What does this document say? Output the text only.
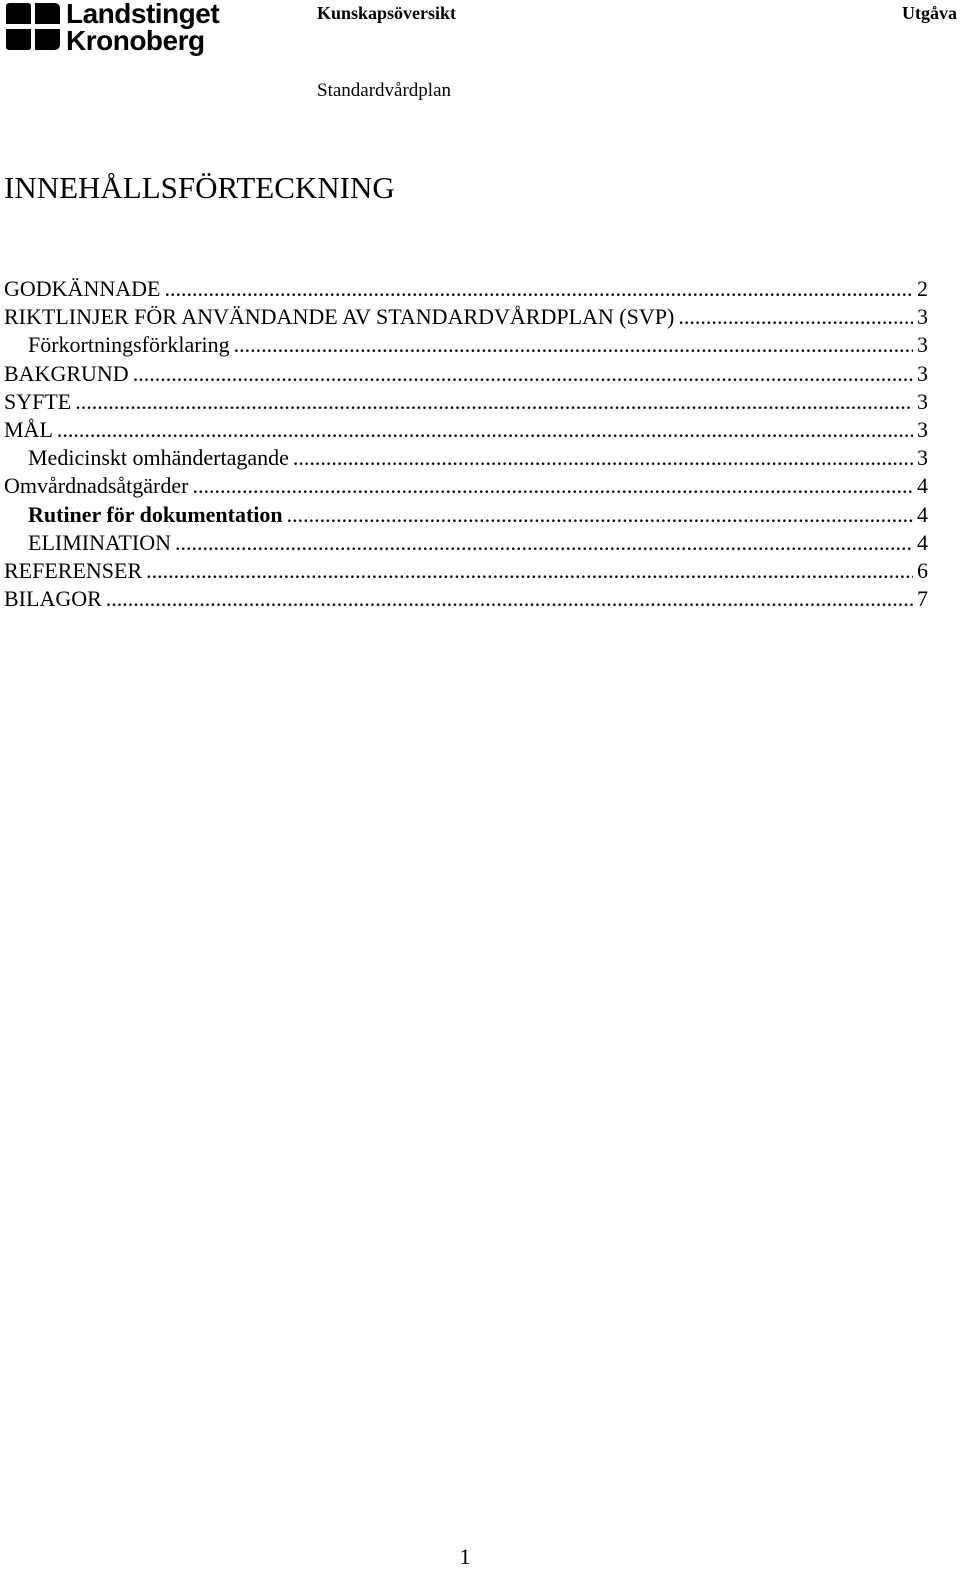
Landstinget
Kronoberg
Kunskapsöversikt	Utgåva
Standardvårdplan
INNEHÅLLSFÖRTECKNING
GODKÄNNADE .....	2
RIKTLINJER FÖR ANVÄNDANDE AV STANDARDVÅRDPLAN (SVP) .....	3
Förkortningsförklaring .....	3
BAKGRUND .....	3
SYFTE .....	3
MÅL .....	3
Medicinskt omhändertagande .....	3
Omvårdnadsåtgärder .....	4
Rutiner för dokumentation .....	4
ELIMINATION .....	4
REFERENSER .....	6
BILAGOR .....	7
1
